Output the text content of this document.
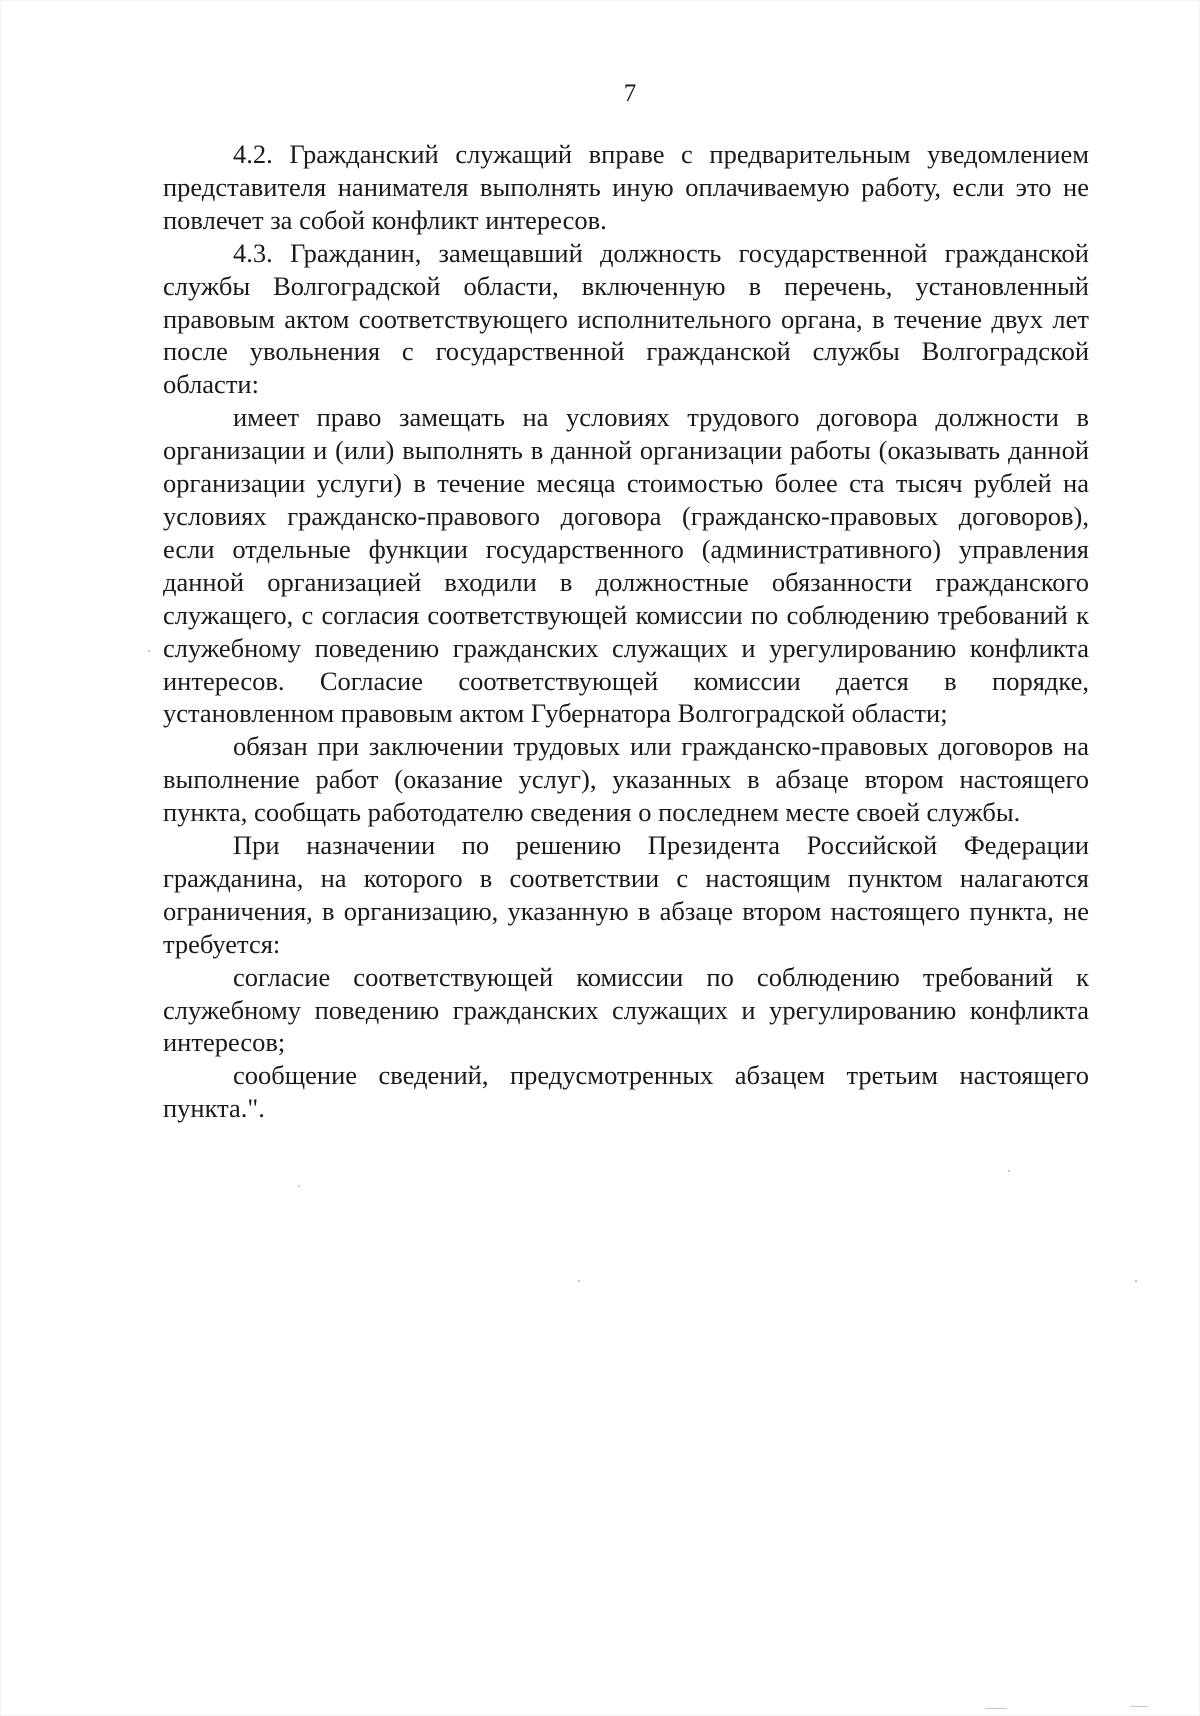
7

4.2. Гражданский служащий вправе с предварительным уведомлением представителя нанимателя выполнять иную оплачиваемую работу, если это не повлечет за собой конфликт интересов.

4.3. Гражданин, замещавший должность государственной гражданской службы Волгоградской области, включенную в перечень, установленный правовым актом соответствующего исполнительного органа, в течение двух лет после увольнения с государственной гражданской службы Волгоградской области:

имеет право замещать на условиях трудового договора должности в организации и (или) выполнять в данной организации работы (оказывать данной организации услуги) в течение месяца стоимостью более ста тысяч рублей на условиях гражданско-правового договора (гражданско-правовых договоров), если отдельные функции государственного (административного) управления данной организацией входили в должностные обязанности гражданского служащего, с согласия соответствующей комиссии по соблюдению требований к служебному поведению гражданских служащих и урегулированию конфликта интересов. Согласие соответствующей комиссии дается в порядке, установленном правовым актом Губернатора Волгоградской области;

обязан при заключении трудовых или гражданско-правовых договоров на выполнение работ (оказание услуг), указанных в абзаце втором настоящего пункта, сообщать работодателю сведения о последнем месте своей службы.

При назначении по решению Президента Российской Федерации гражданина, на которого в соответствии с настоящим пунктом налагаются ограничения, в организацию, указанную в абзаце втором настоящего пункта, не требуется:

согласие соответствующей комиссии по соблюдению требований к служебному поведению гражданских служащих и урегулированию конфликта интересов;

сообщение сведений, предусмотренных абзацем третьим настоящего пункта.".
